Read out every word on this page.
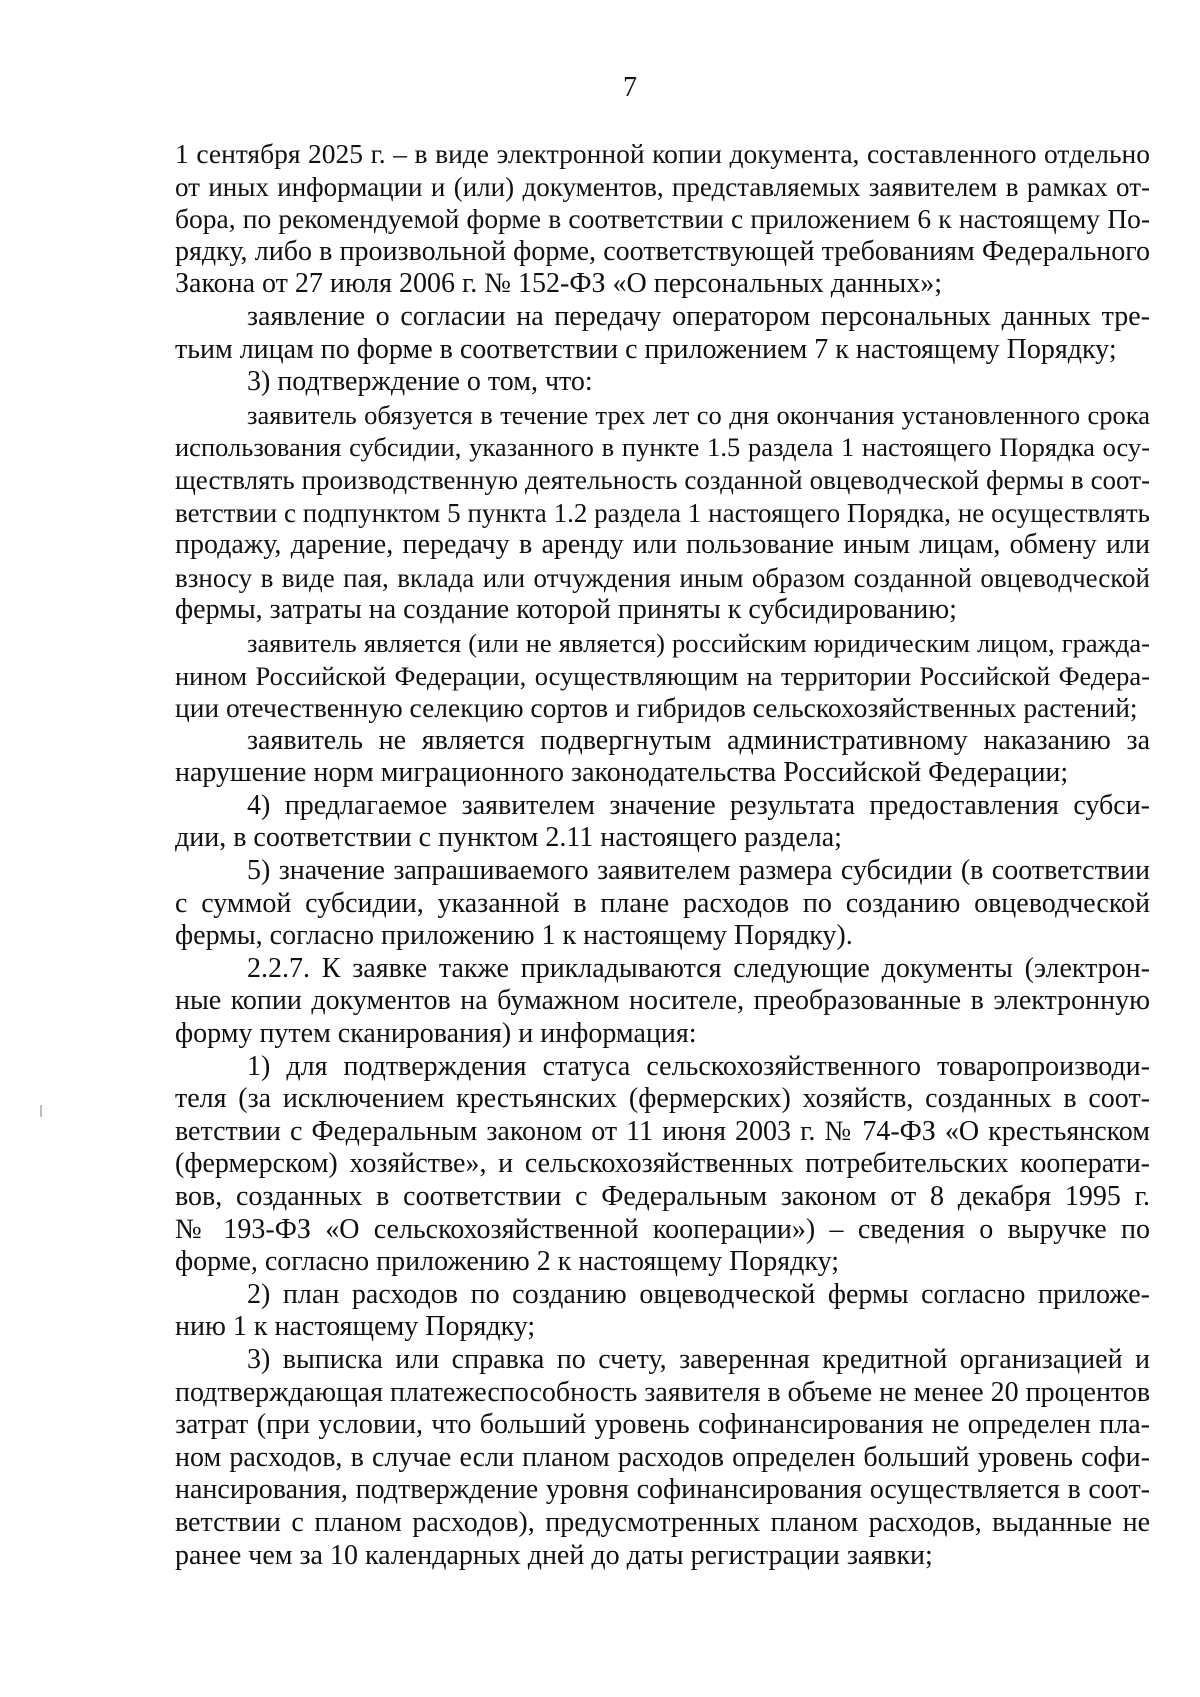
7
1 сентября 2025 г. – в виде электронной копии документа, составленного отдельно
от иных информации и (или) документов, представляемых заявителем в рамках от-
бора, по рекомендуемой форме в соответствии с приложением 6 к настоящему По-
рядку, либо в произвольной форме, соответствующей требованиям Федерального
Закона от 27 июля 2006 г. № 152-ФЗ «О персональных данных»;
заявление о согласии на передачу оператором персональных данных тре-
тьим лицам по форме в соответствии с приложением 7 к настоящему Порядку;
3) подтверждение о том, что:
заявитель обязуется в течение трех лет со дня окончания установленного срока
использования субсидии, указанного в пункте 1.5 раздела 1 настоящего Порядка осу-
ществлять производственную деятельность созданной овцеводческой фермы в соот-
ветствии с подпунктом 5 пункта 1.2 раздела 1 настоящего Порядка, не осуществлять
продажу, дарение, передачу в аренду или пользование иным лицам, обмену или
взносу в виде пая, вклада или отчуждения иным образом созданной овцеводческой
фермы, затраты на создание которой приняты к субсидированию;
заявитель является (или не является) российским юридическим лицом, гражда-
нином Российской Федерации, осуществляющим на территории Российской Федера-
ции отечественную селекцию сортов и гибридов сельскохозяйственных растений;
заявитель не является подвергнутым административному наказанию за
нарушение норм миграционного законодательства Российской Федерации;
4) предлагаемое заявителем значение результата предоставления субси-
дии, в соответствии с пунктом 2.11 настоящего раздела;
5) значение запрашиваемого заявителем размера субсидии (в соответствии
с суммой субсидии, указанной в плане расходов по созданию овцеводческой
фермы, согласно приложению 1 к настоящему Порядку).
2.2.7. К заявке также прикладываются следующие документы (электрон-
ные копии документов на бумажном носителе, преобразованные в электронную
форму путем сканирования) и информация:
1) для подтверждения статуса сельскохозяйственного товаропроизводи-
теля (за исключением крестьянских (фермерских) хозяйств, созданных в соот-
ветствии с Федеральным законом от 11 июня 2003 г. № 74-ФЗ «О крестьянском
(фермерском) хозяйстве», и сельскохозяйственных потребительских кооперати-
вов, созданных в соответствии с Федеральным законом от 8 декабря 1995 г.
№ 193-ФЗ «О сельскохозяйственной кооперации») – сведения о выручке по
форме, согласно приложению 2 к настоящему Порядку;
2) план расходов по созданию овцеводческой фермы согласно приложе-
нию 1 к настоящему Порядку;
3) выписка или справка по счету, заверенная кредитной организацией и
подтверждающая платежеспособность заявителя в объеме не менее 20 процентов
затрат (при условии, что больший уровень софинансирования не определен пла-
ном расходов, в случае если планом расходов определен больший уровень софи-
нансирования, подтверждение уровня софинансирования осуществляется в соот-
ветствии с планом расходов), предусмотренных планом расходов, выданные не
ранее чем за 10 календарных дней до даты регистрации заявки;
